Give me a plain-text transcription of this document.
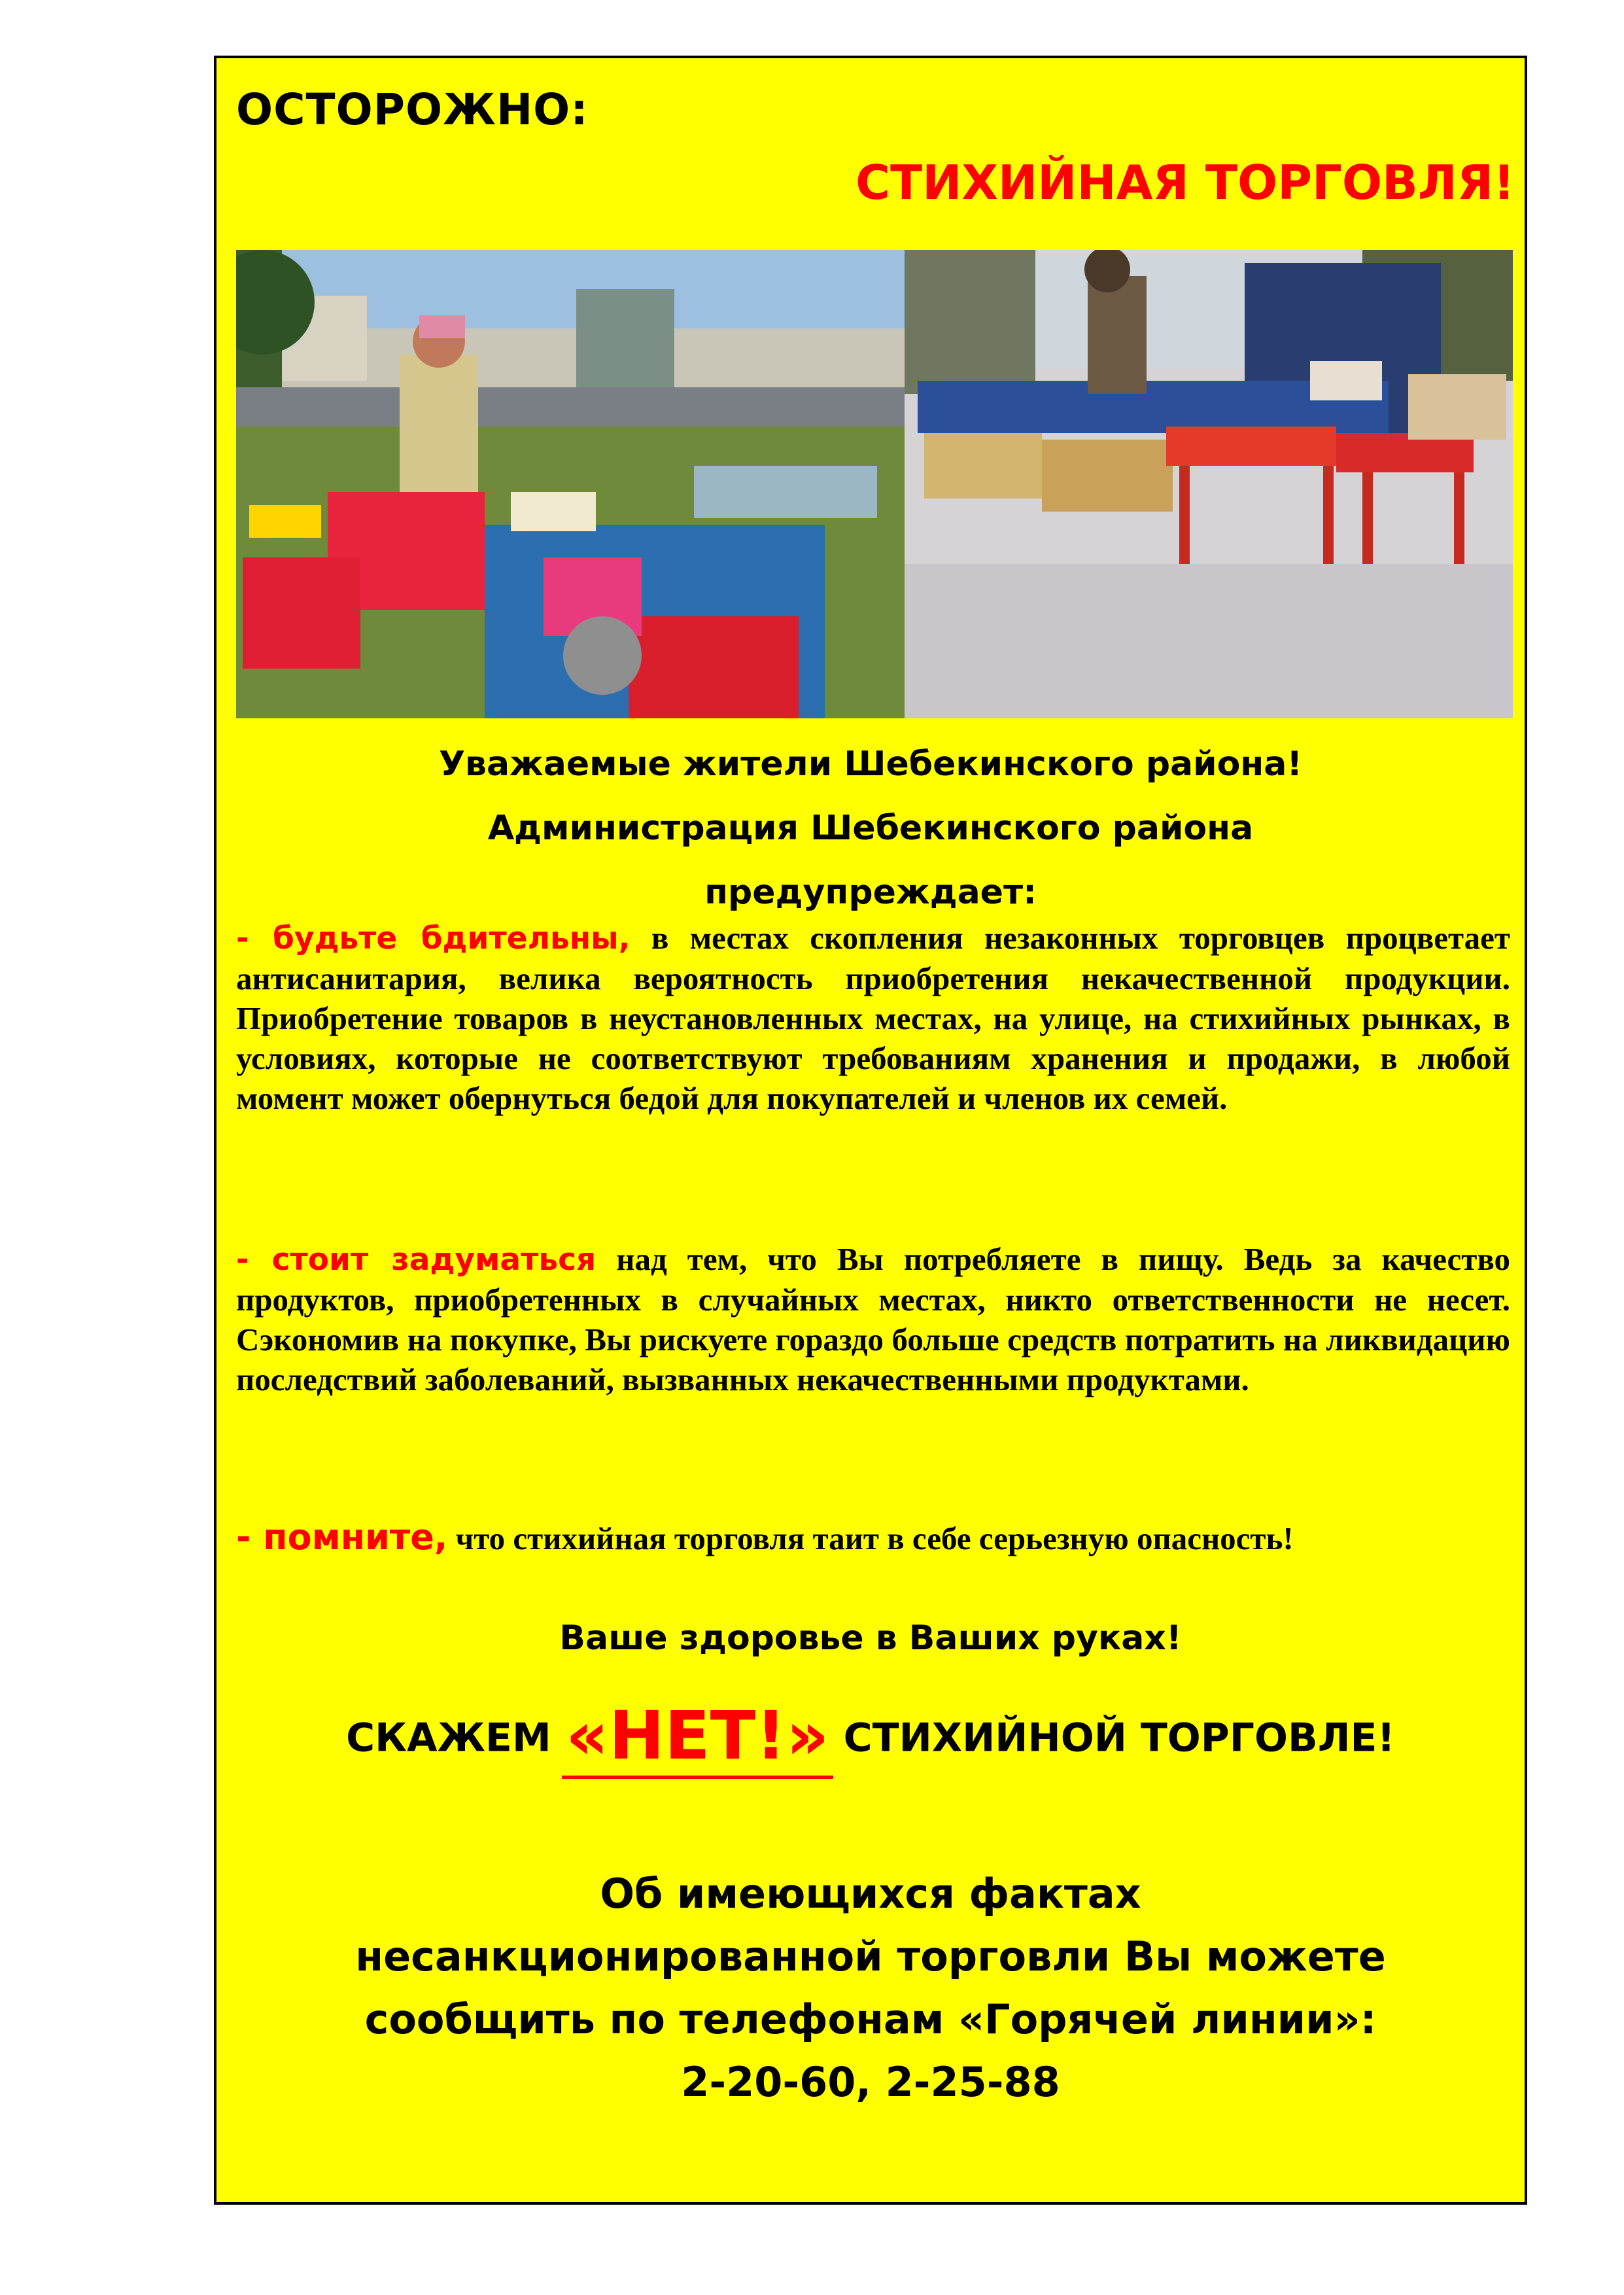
ОСТОРОЖНО:
СТИХИЙНАЯ ТОРГОВЛЯ!
Уважаемые жители Шебекинского района!
Администрация Шебекинского района
предупреждает:

- будьте бдительны, в местах скопления незаконных торговцев процветает антисанитария, велика вероятность приобретения некачественной продукции. Приобретение товаров в неустановленных местах, на улице, на стихийных рынках, в условиях, которые не соответствуют требованиям хранения и продажи, в любой момент может обернуться бедой для покупателей и членов их семей.

- стоит задуматься над тем, что Вы потребляете в пищу. Ведь за качество продуктов, приобретенных в случайных местах, никто ответственности не несет. Сэкономив на покупке, Вы рискуете гораздо больше средств потратить на ликвидацию последствий заболеваний, вызванных некачественными продуктами.

- помните, что стихийная торговля таит в себе серьезную опасность!

Ваше здоровье в Ваших руках!
СКАЖЕМ «НЕТ!» СТИХИЙНОЙ ТОРГОВЛЕ!
Об имеющихся фактах
несанкционированной торговли Вы можете
сообщить по телефонам «Горячей линии»:
2-20-60, 2-25-88
